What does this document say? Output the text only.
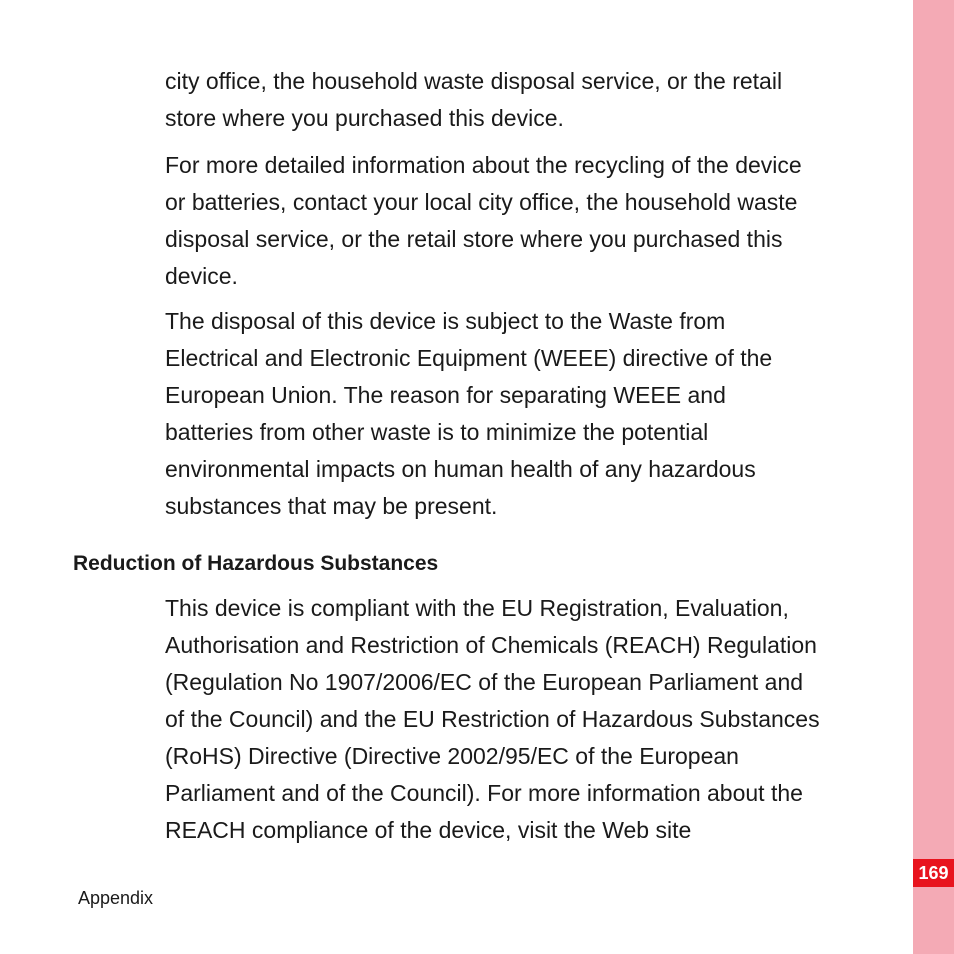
169

city office, the household waste disposal service, or the retail
store where you purchased this device.

For more detailed information about the recycling of the device
or batteries, contact your local city office, the household waste
disposal service, or the retail store where you purchased this
device.

The disposal of this device is subject to the Waste from
Electrical and Electronic Equipment (WEEE) directive of the
European Union. The reason for separating WEEE and
batteries from other waste is to minimize the potential
environmental impacts on human health of any hazardous
substances that may be present.

Reduction of Hazardous Substances

This device is compliant with the EU Registration, Evaluation,
Authorisation and Restriction of Chemicals (REACH) Regulation
(Regulation No 1907/2006/EC of the European Parliament and
of the Council) and the EU Restriction of Hazardous Substances
(RoHS) Directive (Directive 2002/95/EC of the European
Parliament and of the Council). For more information about the
REACH compliance of the device, visit the Web site

Appendix
